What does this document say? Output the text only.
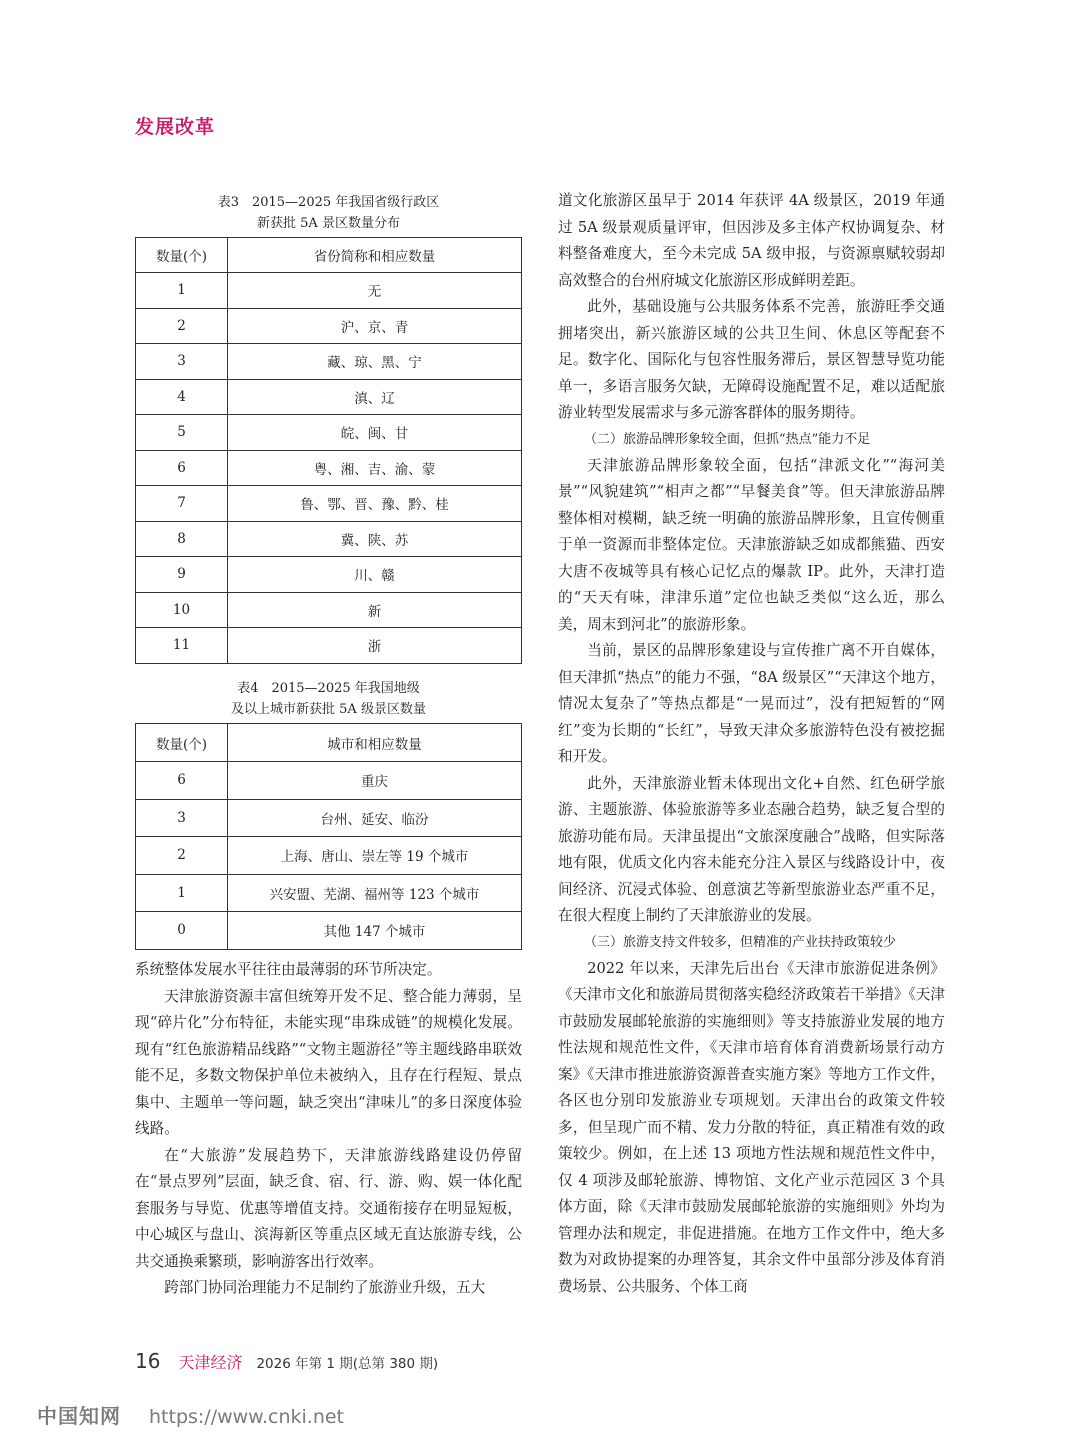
发展改革
表3　2015—2025 年我国省级行政区
新获批 5A 景区数量分布
数量(个)	省份简称和相应数量
1	无
2	沪、京、青
3	藏、琼、黑、宁
4	滇、辽
5	皖、闽、甘
6	粤、湘、吉、渝、蒙
7	鲁、鄂、晋、豫、黔、桂
8	冀、陕、苏
9	川、赣
10	新
11	浙
表4　2015—2025 年我国地级
及以上城市新获批 5A 级景区数量
数量(个)	城市和相应数量
6	重庆
3	台州、延安、临汾
2	上海、唐山、崇左等 19 个城市
1	兴安盟、芜湖、福州等 123 个城市
0	其他 147 个城市

系统整体发展水平往往由最薄弱的环节所决定。

天津旅游资源丰富但统筹开发不足、整合能力薄弱，呈现“碎片化”分布特征，未能实现“串珠成链”的规模化发展。现有“红色旅游精品线路”“文物主题游径”等主题线路串联效能不足，多数文物保护单位未被纳入，且存在行程短、景点集中、主题单一等问题，缺乏突出“津味儿”的多日深度体验线路。

在“大旅游”发展趋势下，天津旅游线路建设仍停留在“景点罗列”层面，缺乏食、宿、行、游、购、娱一体化配套服务与导览、优惠等增值支持。交通衔接存在明显短板，中心城区与盘山、滨海新区等重点区域无直达旅游专线，公共交通换乘繁琐，影响游客出行效率。

跨部门协同治理能力不足制约了旅游业升级，五大

道文化旅游区虽早于 2014 年获评 4A 级景区，2019 年通过 5A 级景观质量评审，但因涉及多主体产权协调复杂、材料整备难度大，至今未完成 5A 级申报，与资源禀赋较弱却高效整合的台州府城文化旅游区形成鲜明差距。

此外，基础设施与公共服务体系不完善，旅游旺季交通拥堵突出，新兴旅游区域的公共卫生间、休息区等配套不足。数字化、国际化与包容性服务滞后，景区智慧导览功能单一，多语言服务欠缺，无障碍设施配置不足，难以适配旅游业转型发展需求与多元游客群体的服务期待。

（二）旅游品牌形象较全面，但抓“热点”能力不足

天津旅游品牌形象较全面，包括“津派文化”“海河美景”“风貌建筑”“相声之都”“早餐美食”等。但天津旅游品牌整体相对模糊，缺乏统一明确的旅游品牌形象，且宣传侧重于单一资源而非整体定位。天津旅游缺乏如成都熊猫、西安大唐不夜城等具有核心记忆点的爆款 IP。此外，天津打造的“天天有味，津津乐道”定位也缺乏类似“这么近，那么美，周末到河北”的旅游形象。

当前，景区的品牌形象建设与宣传推广离不开自媒体，但天津抓“热点”的能力不强，“8A 级景区”“天津这个地方，情况太复杂了”等热点都是“一晃而过”，没有把短暂的“网红”变为长期的“长红”，导致天津众多旅游特色没有被挖掘和开发。

此外，天津旅游业暂未体现出文化+自然、红色研学旅游、主题旅游、体验旅游等多业态融合趋势，缺乏复合型的旅游功能布局。天津虽提出“文旅深度融合”战略，但实际落地有限，优质文化内容未能充分注入景区与线路设计中，夜间经济、沉浸式体验、创意演艺等新型旅游业态严重不足，在很大程度上制约了天津旅游业的发展。

（三）旅游支持文件较多，但精准的产业扶持政策较少

2022 年以来，天津先后出台《天津市旅游促进条例》《天津市文化和旅游局贯彻落实稳经济政策若干举措》《天津市鼓励发展邮轮旅游的实施细则》等支持旅游业发展的地方性法规和规范性文件，《天津市培育体育消费新场景行动方案》《天津市推进旅游资源普查实施方案》等地方工作文件，各区也分别印发旅游业专项规划。天津出台的政策文件较多，但呈现广而不精、发力分散的特征，真正精准有效的政策较少。例如，在上述 13 项地方性法规和规范性文件中，仅 4 项涉及邮轮旅游、博物馆、文化产业示范园区 3 个具体方面，除《天津市鼓励发展邮轮旅游的实施细则》外均为管理办法和规定，非促进措施。在地方工作文件中，绝大多数为对政协提案的办理答复，其余文件中虽部分涉及体育消费场景、公共服务、个体工商

16 天津经济 2026 年第 1 期(总第 380 期)
中国知网 https://www.cnki.net
